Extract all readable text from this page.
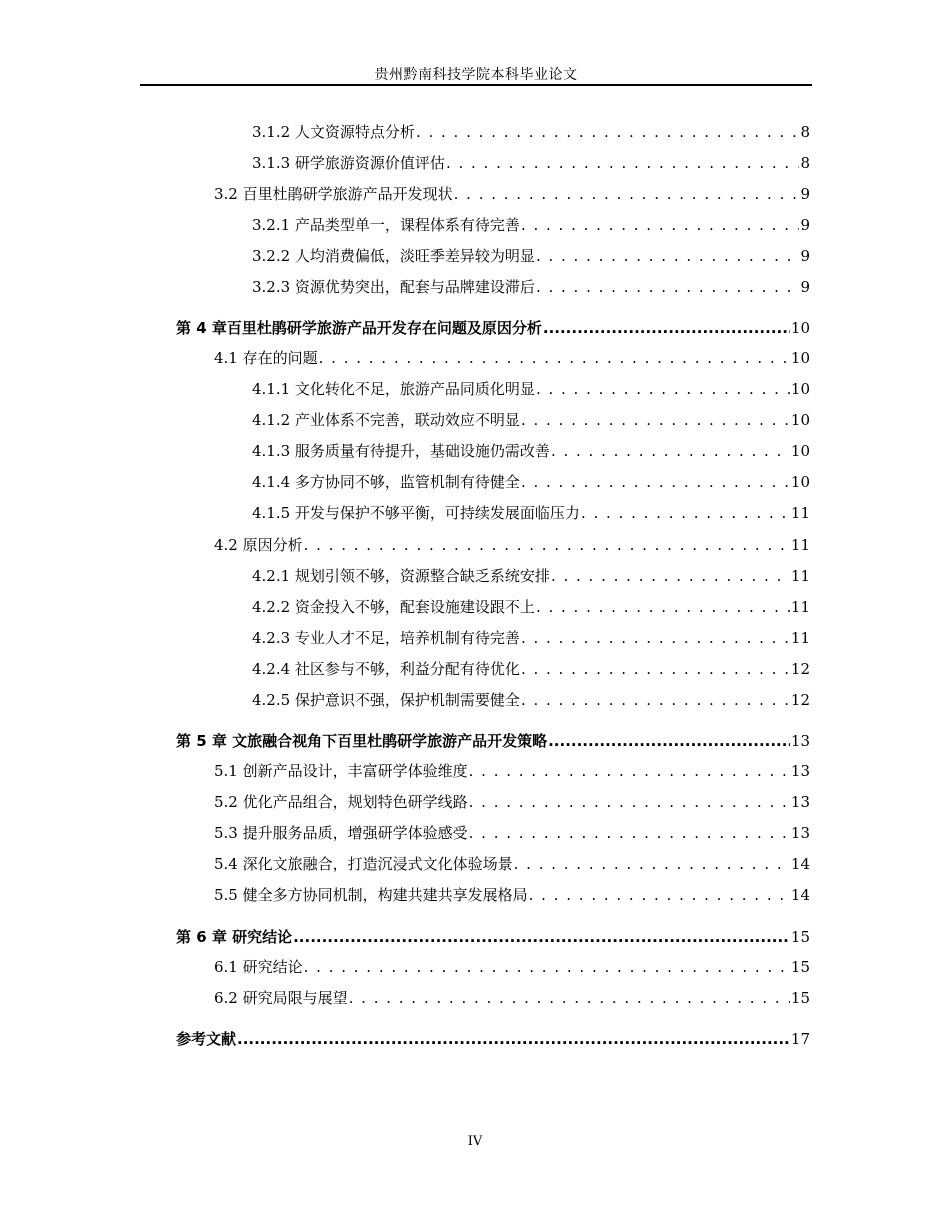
贵州黔南科技学院本科毕业论文
3.1.2 人文资源特点分析 . . .	8
3.1.3 研学旅游资源价值评估 . . .	8
3.2 百里杜鹃研学旅游产品开发现状 . . .	9
3.2.1 产品类型单一，课程体系有待完善 . . .	9
3.2.2 人均消费偏低，淡旺季差异较为明显 . . .	9
3.2.3 资源优势突出，配套与品牌建设滞后 . . .	9
第 4 章百里杜鹃研学旅游产品开发存在问题及原因分析 .....	10
4.1 存在的问题 . . .	10
4.1.1 文化转化不足，旅游产品同质化明显 . . .	10
4.1.2 产业体系不完善，联动效应不明显 . . .	10
4.1.3 服务质量有待提升，基础设施仍需改善 . . .	10
4.1.4 多方协同不够，监管机制有待健全 . . .	10
4.1.5 开发与保护不够平衡，可持续发展面临压力 . . .	11
4.2 原因分析 . . .	11
4.2.1 规划引领不够，资源整合缺乏系统安排 . . .	11
4.2.2 资金投入不够，配套设施建设跟不上 . . .	11
4.2.3 专业人才不足，培养机制有待完善 . . .	11
4.2.4 社区参与不够，利益分配有待优化 . . .	12
4.2.5 保护意识不强，保护机制需要健全 . . .	12
第 5 章 文旅融合视角下百里杜鹃研学旅游产品开发策略 .....	13
5.1 创新产品设计，丰富研学体验维度 . . .	13
5.2 优化产品组合，规划特色研学线路 . . .	13
5.3 提升服务品质，增强研学体验感受 . . .	13
5.4 深化文旅融合，打造沉浸式文化体验场景 . . .	14
5.5 健全多方协同机制，构建共建共享发展格局 . . .	14
第 6 章 研究结论 .....	15
6.1 研究结论 . . .	15
6.2 研究局限与展望 . . .	15
参考文献 .....	17
IV
